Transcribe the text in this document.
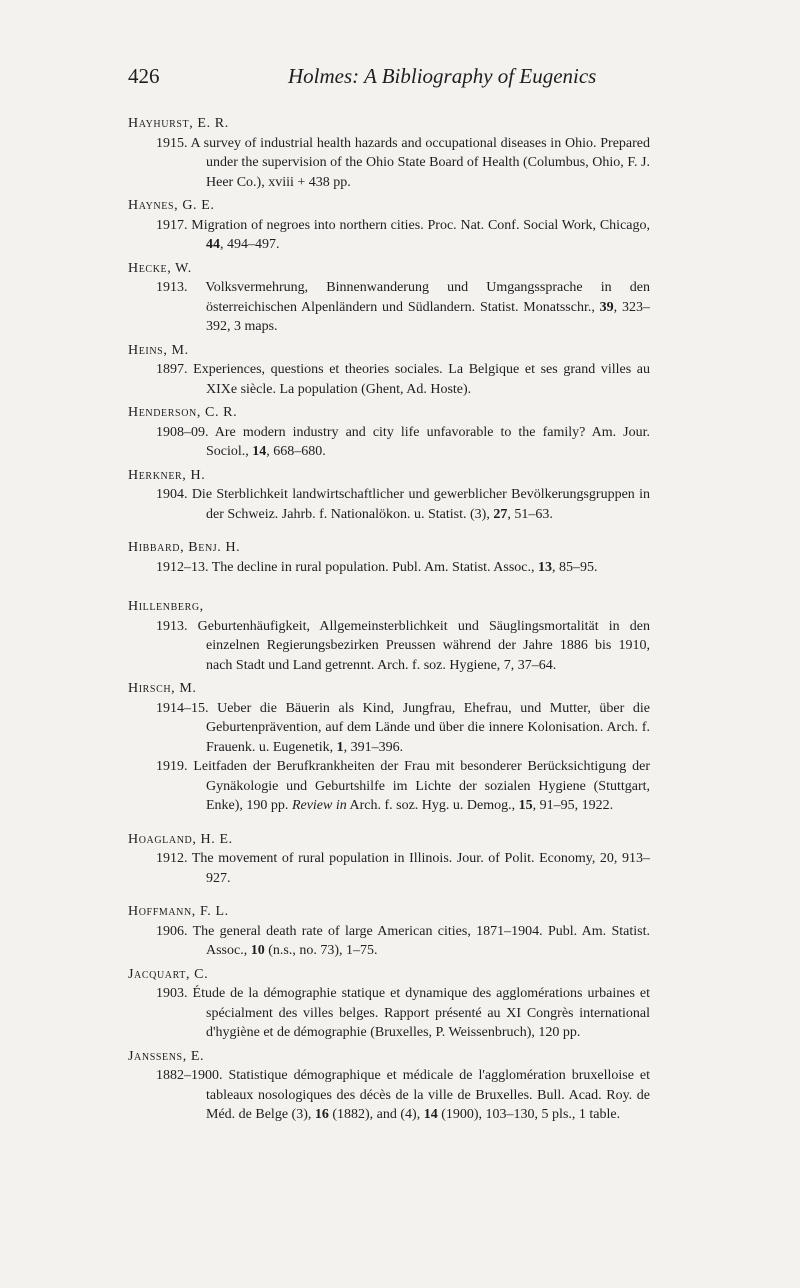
426	Holmes: A Bibliography of Eugenics
Hayhurst, E. R.
1915. A survey of industrial health hazards and occupational diseases in Ohio. Prepared under the supervision of the Ohio State Board of Health (Columbus, Ohio, F. J. Heer Co.), xviii + 438 pp.
Haynes, G. E.
1917. Migration of negroes into northern cities. Proc. Nat. Conf. Social Work, Chicago, 44, 494–497.
Hecke, W.
1913. Volksvermehrung, Binnenwanderung und Umgangssprache in den österreichischen Alpenländern und Südlandern. Statist. Monatsschr., 39, 323–392, 3 maps.
Heins, M.
1897. Experiences, questions et theories sociales. La Belgique et ses grand villes au XIXe siècle. La population (Ghent, Ad. Hoste).
Henderson, C. R.
1908–09. Are modern industry and city life unfavorable to the family? Am. Jour. Sociol., 14, 668–680.
Herkner, H.
1904. Die Sterblichkeit landwirtschaftlicher und gewerblicher Bevölkerungsgruppen in der Schweiz. Jahrb. f. Nationalökon. u. Statist. (3), 27, 51–63.
Hibbard, Benj. H.
1912–13. The decline in rural population. Publ. Am. Statist. Assoc., 13, 85–95.
Hillenberg,
1913. Geburtenhäufigkeit, Allgemeinsterblichkeit und Säuglingsmortalität in den einzelnen Regierungsbezirken Preussen während der Jahre 1886 bis 1910, nach Stadt und Land getrennt. Arch. f. soz. Hygiene, 7, 37–64.
Hirsch, M.
1914–15. Ueber die Bäuerin als Kind, Jungfrau, Ehefrau, und Mutter, über die Geburtenprävention, auf dem Lände und über die innere Kolonisation. Arch. f. Frauenk. u. Eugenetik, 1, 391–396.
1919. Leitfaden der Berufkrankheiten der Frau mit besonderer Berücksichtigung der Gynäkologie und Geburtshilfe im Lichte der sozialen Hygiene (Stuttgart, Enke), 190 pp. Review in Arch. f. soz. Hyg. u. Demog., 15, 91–95, 1922.
Hoagland, H. E.
1912. The movement of rural population in Illinois. Jour. of Polit. Economy, 20, 913–927.
Hoffmann, F. L.
1906. The general death rate of large American cities, 1871–1904. Publ. Am. Statist. Assoc., 10 (n.s., no. 73), 1–75.
Jacquart, C.
1903. Étude de la démographie statique et dynamique des agglomérations urbaines et spécialment des villes belges. Rapport présenté au XI Congrès international d'hygiène et de démographie (Bruxelles, P. Weissenbruch), 120 pp.
Janssens, E.
1882–1900. Statistique démographique et médicale de l'agglomération bruxelloise et tableaux nosologiques des décès de la ville de Bruxelles. Bull. Acad. Roy. de Méd. de Belge (3), 16 (1882), and (4), 14 (1900), 103–130, 5 pls., 1 table.
